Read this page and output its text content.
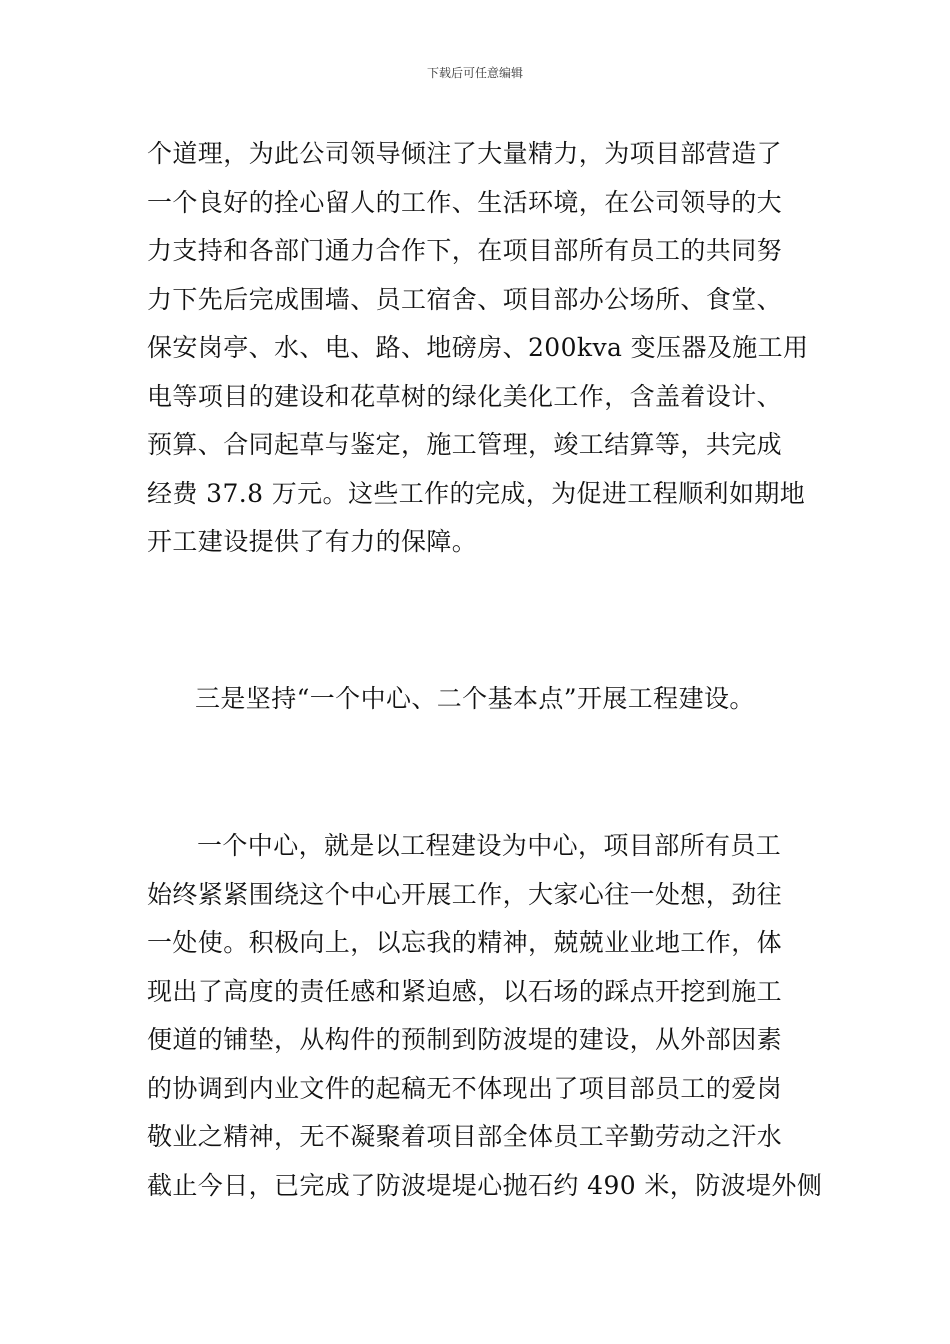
下载后可任意编辑
个道理，为此公司领导倾注了大量精力，为项目部营造了
一个良好的拴心留人的工作、生活环境，在公司领导的大
力支持和各部门通力合作下，在项目部所有员工的共同努
力下先后完成围墙、员工宿舍、项目部办公场所、食堂、
保安岗亭、水、电、路、地磅房、200kva 变压器及施工用
电等项目的建设和花草树的绿化美化工作，含盖着设计、
预算、合同起草与鉴定，施工管理，竣工结算等，共完成
经费 37.8 万元。这些工作的完成，为促进工程顺利如期地
开工建设提供了有力的保障。
三是坚持“一个中心、二个基本点”开展工程建设。
一个中心，就是以工程建设为中心，项目部所有员工
始终紧紧围绕这个中心开展工作，大家心往一处想，劲往
一处使。积极向上，以忘我的精神，兢兢业业地工作，体
现出了高度的责任感和紧迫感，以石场的踩点开挖到施工
便道的铺垫，从构件的预制到防波堤的建设，从外部因素
的协调到内业文件的起稿无不体现出了项目部员工的爱岗
敬业之精神，无不凝聚着项目部全体员工辛勤劳动之汗水
截止今日，已完成了防波堤堤心抛石约 490 米，防波堤外侧
